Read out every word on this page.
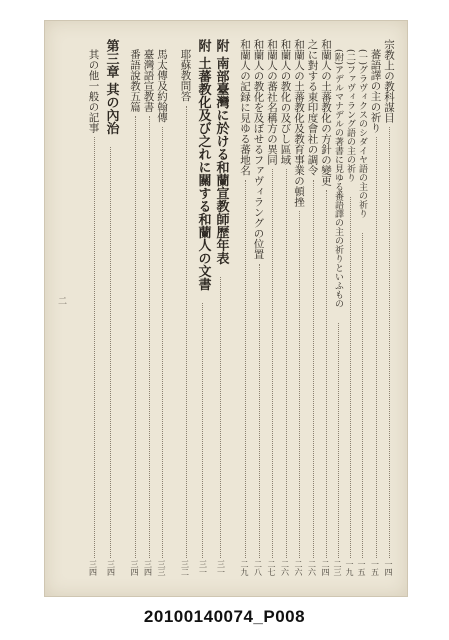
二
宗教上の教科謀目
一四
蕃語譯の主の祈り
一五
(一)グラヴィクスのシダイヤ語の主の祈り
一五
(二)ファヴィラング語の主の祈り
一九
(附)アデルマナデルの著書に見ゆる番語譯の主の祈りといふもの
二三
和蘭人の土蕃教化の方針の變更
二四
之に對する東印度會社の調令
二六
和蘭人の土蕃教化及教育事業の頓挫
二六
和蘭人の教化の及びし區域
二六
和蘭人の蕃社名稱方の異同
二七
和蘭人の教化を及ぼせるファヴィラングの位置
二八
和蘭人の記録に見ゆる蕃地名
二九
附 南部臺灣に於ける和蘭宣教師歷年表
三一
附 土蕃教化及び之れに關する和蘭人の文書
三一
耶蘇教問答
三二
馬太傳及約翰傳
三三
臺灣語宣教書
三四
番語說教五篇
三四
第三章 其の內治
三四
其の他一般の記事
三四
20100140074_P008
